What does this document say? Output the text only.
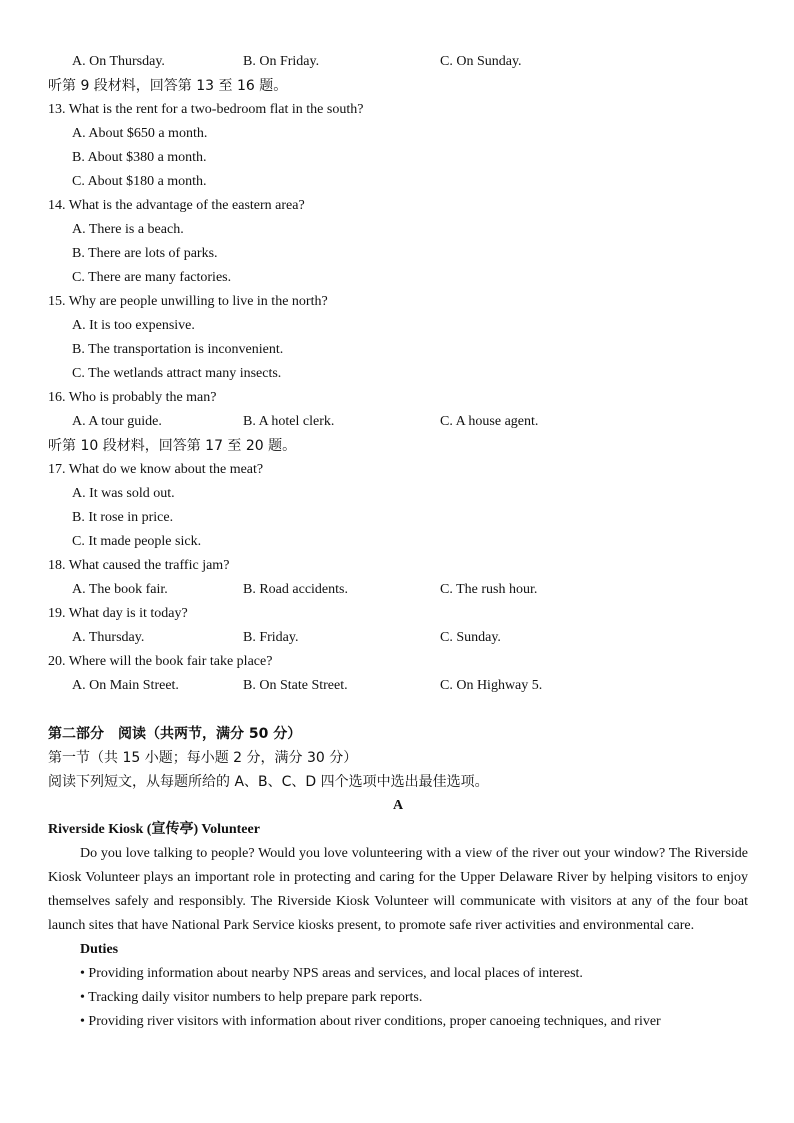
A. On Thursday.	B. On Friday.	C. On Sunday.
听第 9 段材料，回答第 13 至 16 题。
13. What is the rent for a two-bedroom flat in the south?
A. About $650 a month.
B. About $380 a month.
C. About $180 a month.
14. What is the advantage of the eastern area?
A. There is a beach.
B. There are lots of parks.
C. There are many factories.
15. Why are people unwilling to live in the north?
A. It is too expensive.
B. The transportation is inconvenient.
C. The wetlands attract many insects.
16. Who is probably the man?
A. A tour guide.	B. A hotel clerk.	C. A house agent.
听第 10 段材料，回答第 17 至 20 题。
17. What do we know about the meat?
A. It was sold out.
B. It rose in price.
C. It made people sick.
18. What caused the traffic jam?
A. The book fair.	B. Road accidents.	C. The rush hour.
19. What day is it today?
A. Thursday.	B. Friday.	C. Sunday.
20. Where will the book fair take place?
A. On Main Street.	B. On State Street.	C. On Highway 5.
第二部分　阅读（共两节，满分 50 分）
第一节（共 15 小题；每小题 2 分，满分 30 分）
阅读下列短文，从每题所给的 A、B、C、D 四个选项中选出最佳选项。
A
Riverside Kiosk (宣传亭) Volunteer

Do you love talking to people? Would you love volunteering with a view of the river out your window? The Riverside Kiosk Volunteer plays an important role in protecting and caring for the Upper Delaware River by helping visitors to enjoy themselves safely and responsibly. The Riverside Kiosk Volunteer will communicate with visitors at any of the four boat launch sites that have National Park Service kiosks present, to promote safe river activities and environmental care.

Duties
• Providing information about nearby NPS areas and services, and local places of interest.
• Tracking daily visitor numbers to help prepare park reports.
• Providing river visitors with information about river conditions, proper canoeing techniques, and river
